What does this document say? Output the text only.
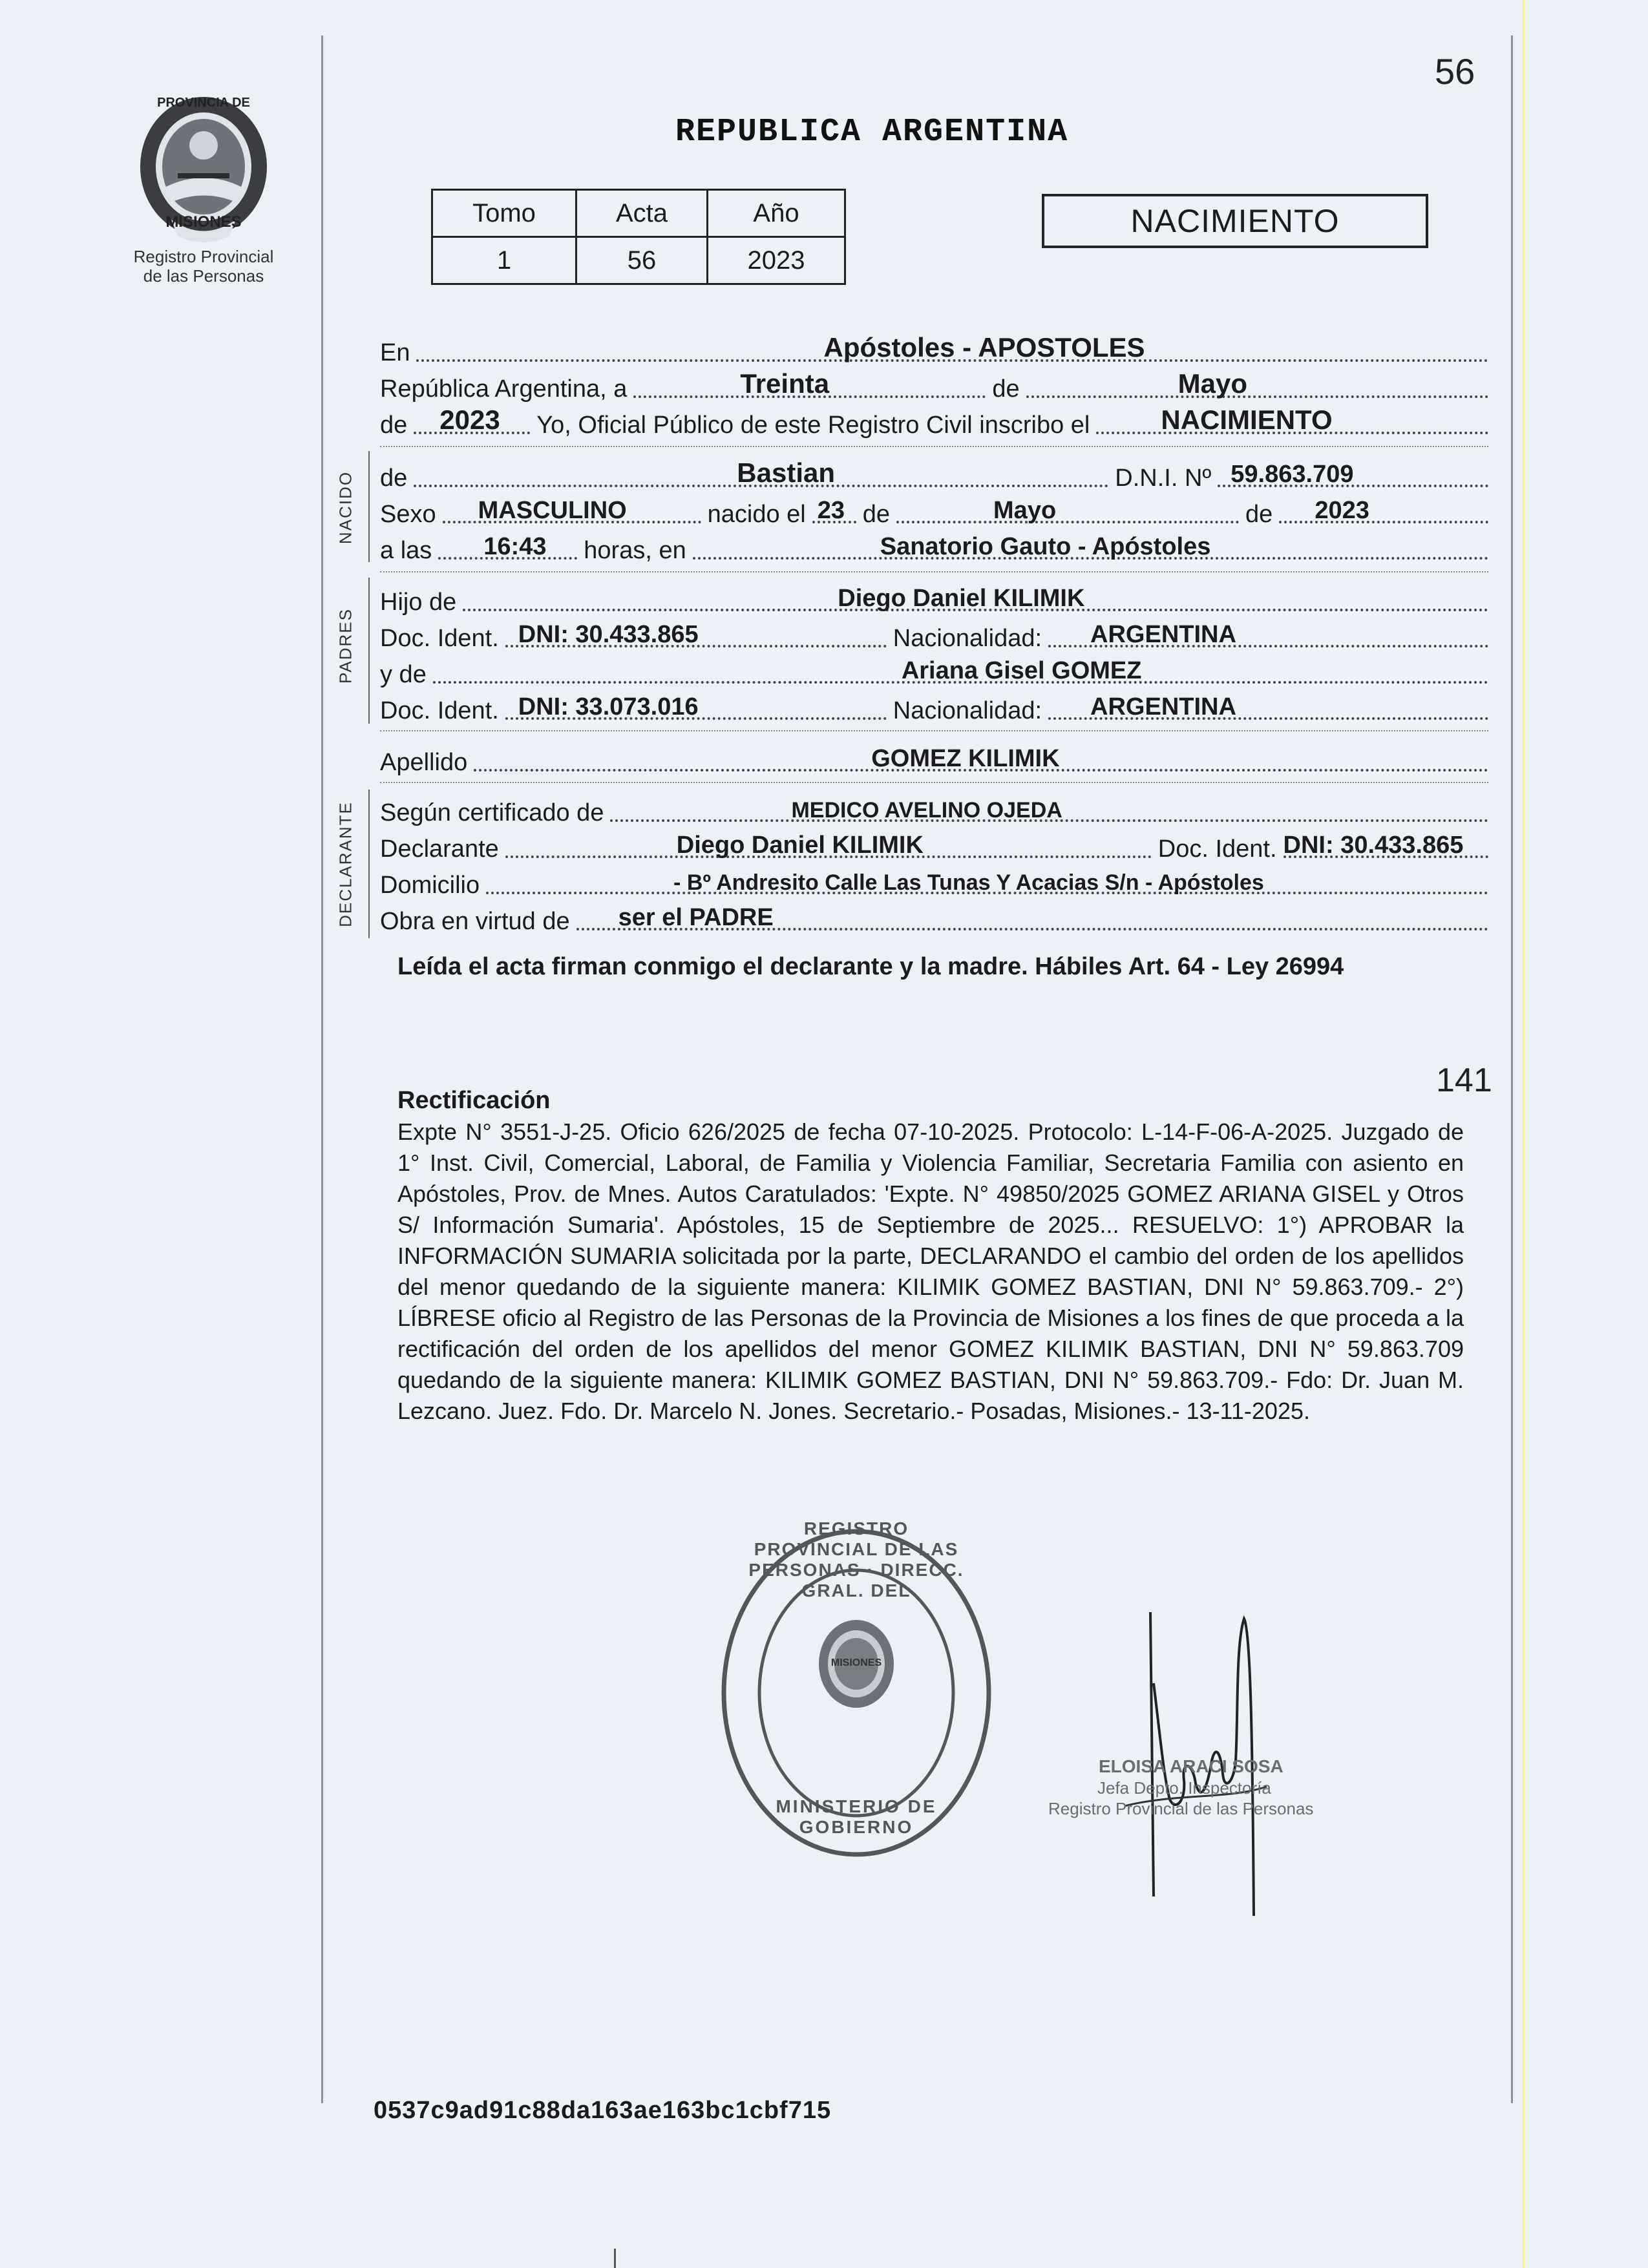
56
PROVINCIA DE
MISIONES
Registro Provincial
de las Personas
REPUBLICA ARGENTINA
Tomo	Acta	Año
1	56	2023
NACIMIENTO
En	Apóstoles - APOSTOLES
República Argentina, a	Treinta	de	Mayo
de 2023 Yo, Oficial Público de este Registro Civil inscribo el	NACIMIENTO
NACIDO de	Bastian	D.N.I. Nº 59.863.709
Sexo MASCULINO	nacido el 23 de	Mayo	de 2023
a las 16:43 horas, en	Sanatorio Gauto - Apóstoles
PADRES
Hijo de	Diego Daniel KILIMIK
Doc. Ident. DNI: 30.433.865	Nacionalidad: ARGENTINA
y de	Ariana Gisel GOMEZ
Doc. Ident. DNI: 33.073.016	Nacionalidad: ARGENTINA
Apellido	GOMEZ KILIMIK
DECLARANTE Según certificado de	MEDICO AVELINO OJEDA
Declarante	Diego Daniel KILIMIK	Doc. Ident. DNI: 30.433.865
Domicilio	- Bº Andresito Calle Las Tunas Y Acacias S/n - Apóstoles
Obra en virtud de ser el PADRE
Leída el acta firman conmigo el declarante y la madre. Hábiles Art. 64 - Ley 26994
141
Rectificación
Expte N° 3551-J-25. Oficio 626/2025 de fecha 07-10-2025. Protocolo: L-14-F-06-A-2025. Juzgado de 1° Inst. Civil, Comercial, Laboral, de Familia y Violencia Familiar, Secretaria Familia con asiento en Apóstoles, Prov. de Mnes. Autos Caratulados: 'Expte. N° 49850/2025 GOMEZ ARIANA GISEL y Otros S/ Información Sumaria'. Apóstoles, 15 de Septiembre de 2025... RESUELVO: 1°) APROBAR la INFORMACIÓN SUMARIA solicitada por la parte, DECLARANDO el cambio del orden de los apellidos del menor quedando de la siguiente manera: KILIMIK GOMEZ BASTIAN, DNI N° 59.863.709.- 2°) LÍBRESE oficio al Registro de las Personas de la Provincia de Misiones a los fines de que proceda a la rectificación del orden de los apellidos del menor GOMEZ KILIMIK BASTIAN, DNI N° 59.863.709 quedando de la siguiente manera: KILIMIK GOMEZ BASTIAN, DNI N° 59.863.709.- Fdo: Dr. Juan M. Lezcano. Juez. Fdo. Dr. Marcelo N. Jones. Secretario.- Posadas, Misiones.- 13-11-2025.
MISIONES
REGISTRO PROVINCIAL DE LAS PERSONAS · DIRECC. GRAL. DEL
MINISTERIO DE GOBIERNO
ELOISA ARACI SOSA
Jefa Depto. Inspectoría
Registro Provincial de las Personas
0537c9ad91c88da163ae163bc1cbf715
